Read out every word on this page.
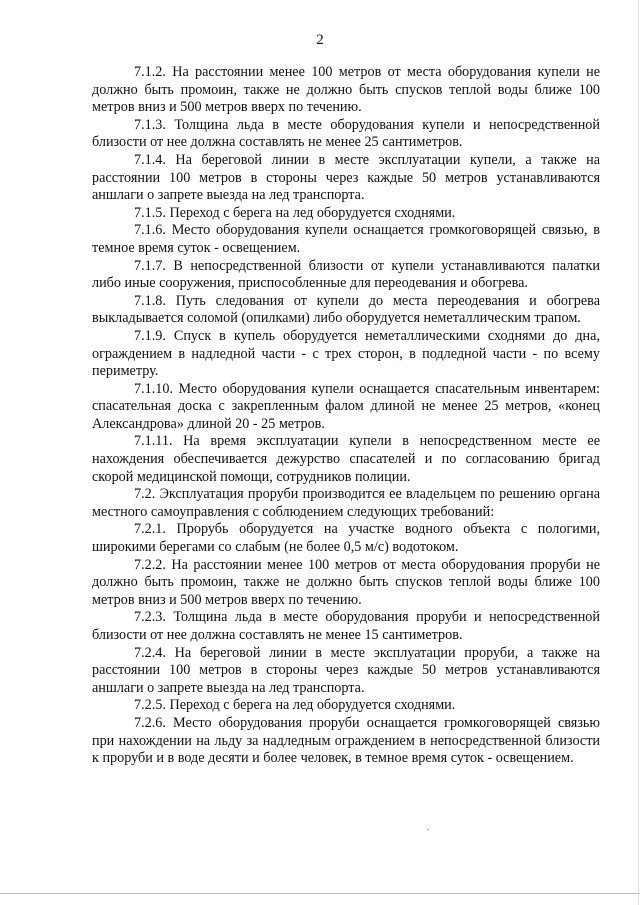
2

7.1.2. На расстоянии менее 100 метров от места оборудования купели не должно быть промоин, также не должно быть спусков теплой воды ближе 100 метров вниз и 500 метров вверх по течению.

7.1.3. Толщина льда в месте оборудования купели и непосредственной близости от нее должна составлять не менее 25 сантиметров.

7.1.4. На береговой линии в месте эксплуатации купели, а также на расстоянии 100 метров в стороны через каждые 50 метров устанавливаются аншлаги о запрете выезда на лед транспорта.

7.1.5. Переход с берега на лед оборудуется сходнями.

7.1.6. Место оборудования купели оснащается громкоговорящей связью, в темное время суток - освещением.

7.1.7. В непосредственной близости от купели устанавливаются палатки либо иные сооружения, приспособленные для переодевания и обогрева.

7.1.8. Путь следования от купели до места переодевания и обогрева выкладывается соломой (опилками) либо оборудуется неметаллическим трапом.

7.1.9. Спуск в купель оборудуется неметаллическими сходнями до дна, ограждением в надледной части - с трех сторон, в подледной части - по всему периметру.

7.1.10. Место оборудования купели оснащается спасательным инвентарем: спасательная доска с закрепленным фалом длиной не менее 25 метров, «конец Александрова» длиной 20 - 25 метров.

7.1.11. На время эксплуатации купели в непосредственном месте ее нахождения обеспечивается дежурство спасателей и по согласованию бригад скорой медицинской помощи, сотрудников полиции.

7.2. Эксплуатация проруби производится ее владельцем по решению органа местного самоуправления с соблюдением следующих требований:

7.2.1. Прорубь оборудуется на участке водного объекта с пологими, широкими берегами со слабым (не более 0,5 м/с) водотоком.

7.2.2. На расстоянии менее 100 метров от места оборудования проруби не должно быть промоин, также не должно быть спусков теплой воды ближе 100 метров вниз и 500 метров вверх по течению.

7.2.3. Толщина льда в месте оборудования проруби и непосредственной близости от нее должна составлять не менее 15 сантиметров.

7.2.4. На береговой линии в месте эксплуатации проруби, а также на расстоянии 100 метров в стороны через каждые 50 метров устанавливаются аншлаги о запрете выезда на лед транспорта.

7.2.5. Переход с берега на лед оборудуется сходнями.

7.2.6. Место оборудования проруби оснащается громкоговорящей связью при нахождении на льду за надледным ограждением в непосредственной близости к проруби и в воде десяти и более человек, в темное время суток - освещением.

·
